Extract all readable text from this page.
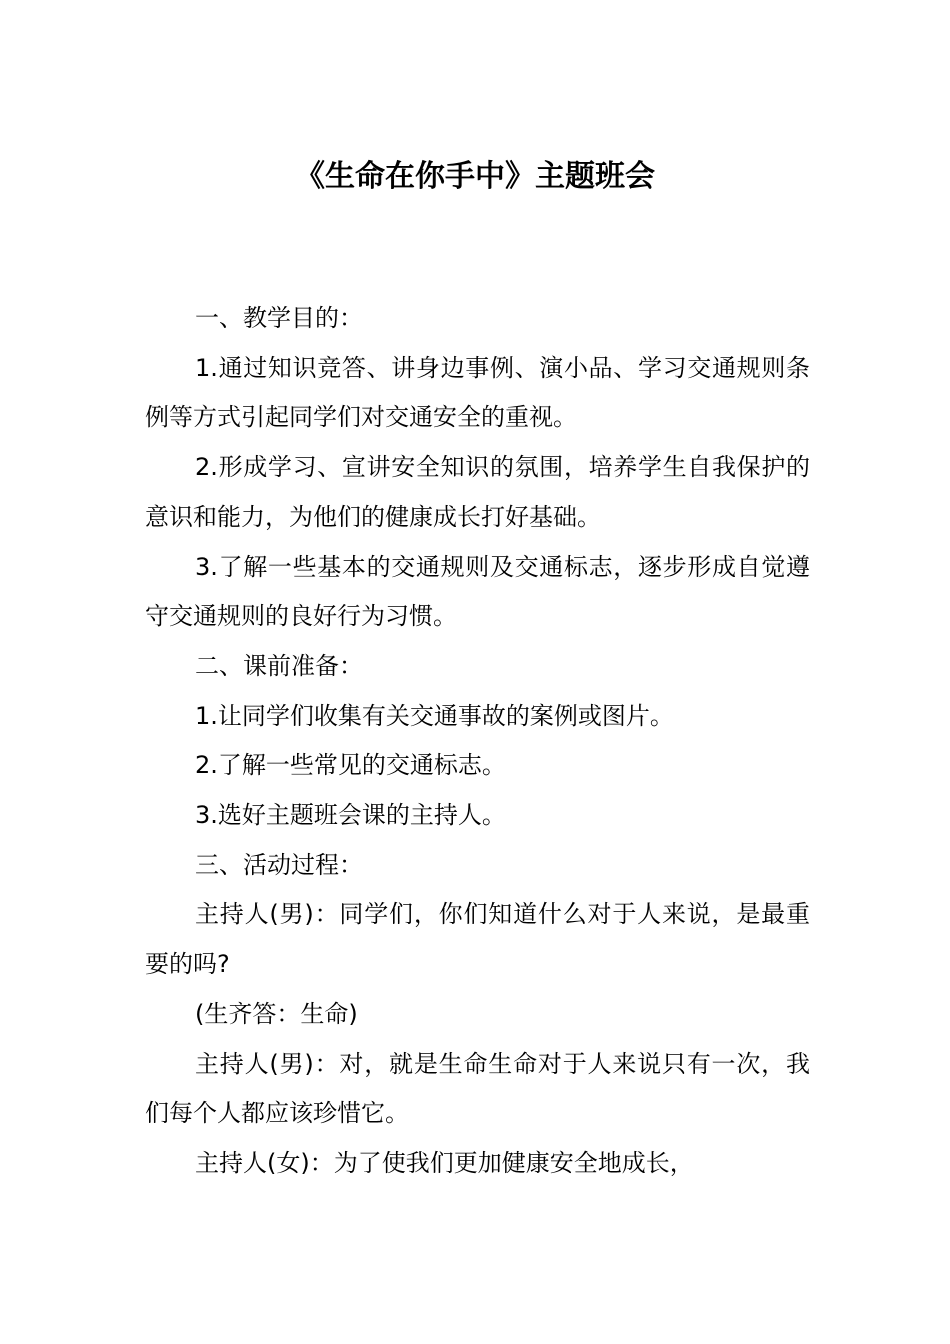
《生命在你手中》主题班会

一、教学目的：

1.通过知识竞答、讲身边事例、演小品、学习交通规则条例等方式引起同学们对交通安全的重视。

2.形成学习、宣讲安全知识的氛围，培养学生自我保护的意识和能力，为他们的健康成长打好基础。

3.了解一些基本的交通规则及交通标志，逐步形成自觉遵守交通规则的良好行为习惯。

二、课前准备：

1.让同学们收集有关交通事故的案例或图片。

2.了解一些常见的交通标志。

3.选好主题班会课的主持人。

三、活动过程：

主持人(男)：同学们，你们知道什么对于人来说，是最重要的吗?

(生齐答：生命)

主持人(男)：对，就是生命生命对于人来说只有一次，我们每个人都应该珍惜它。

主持人(女)：为了使我们更加健康安全地成长，
